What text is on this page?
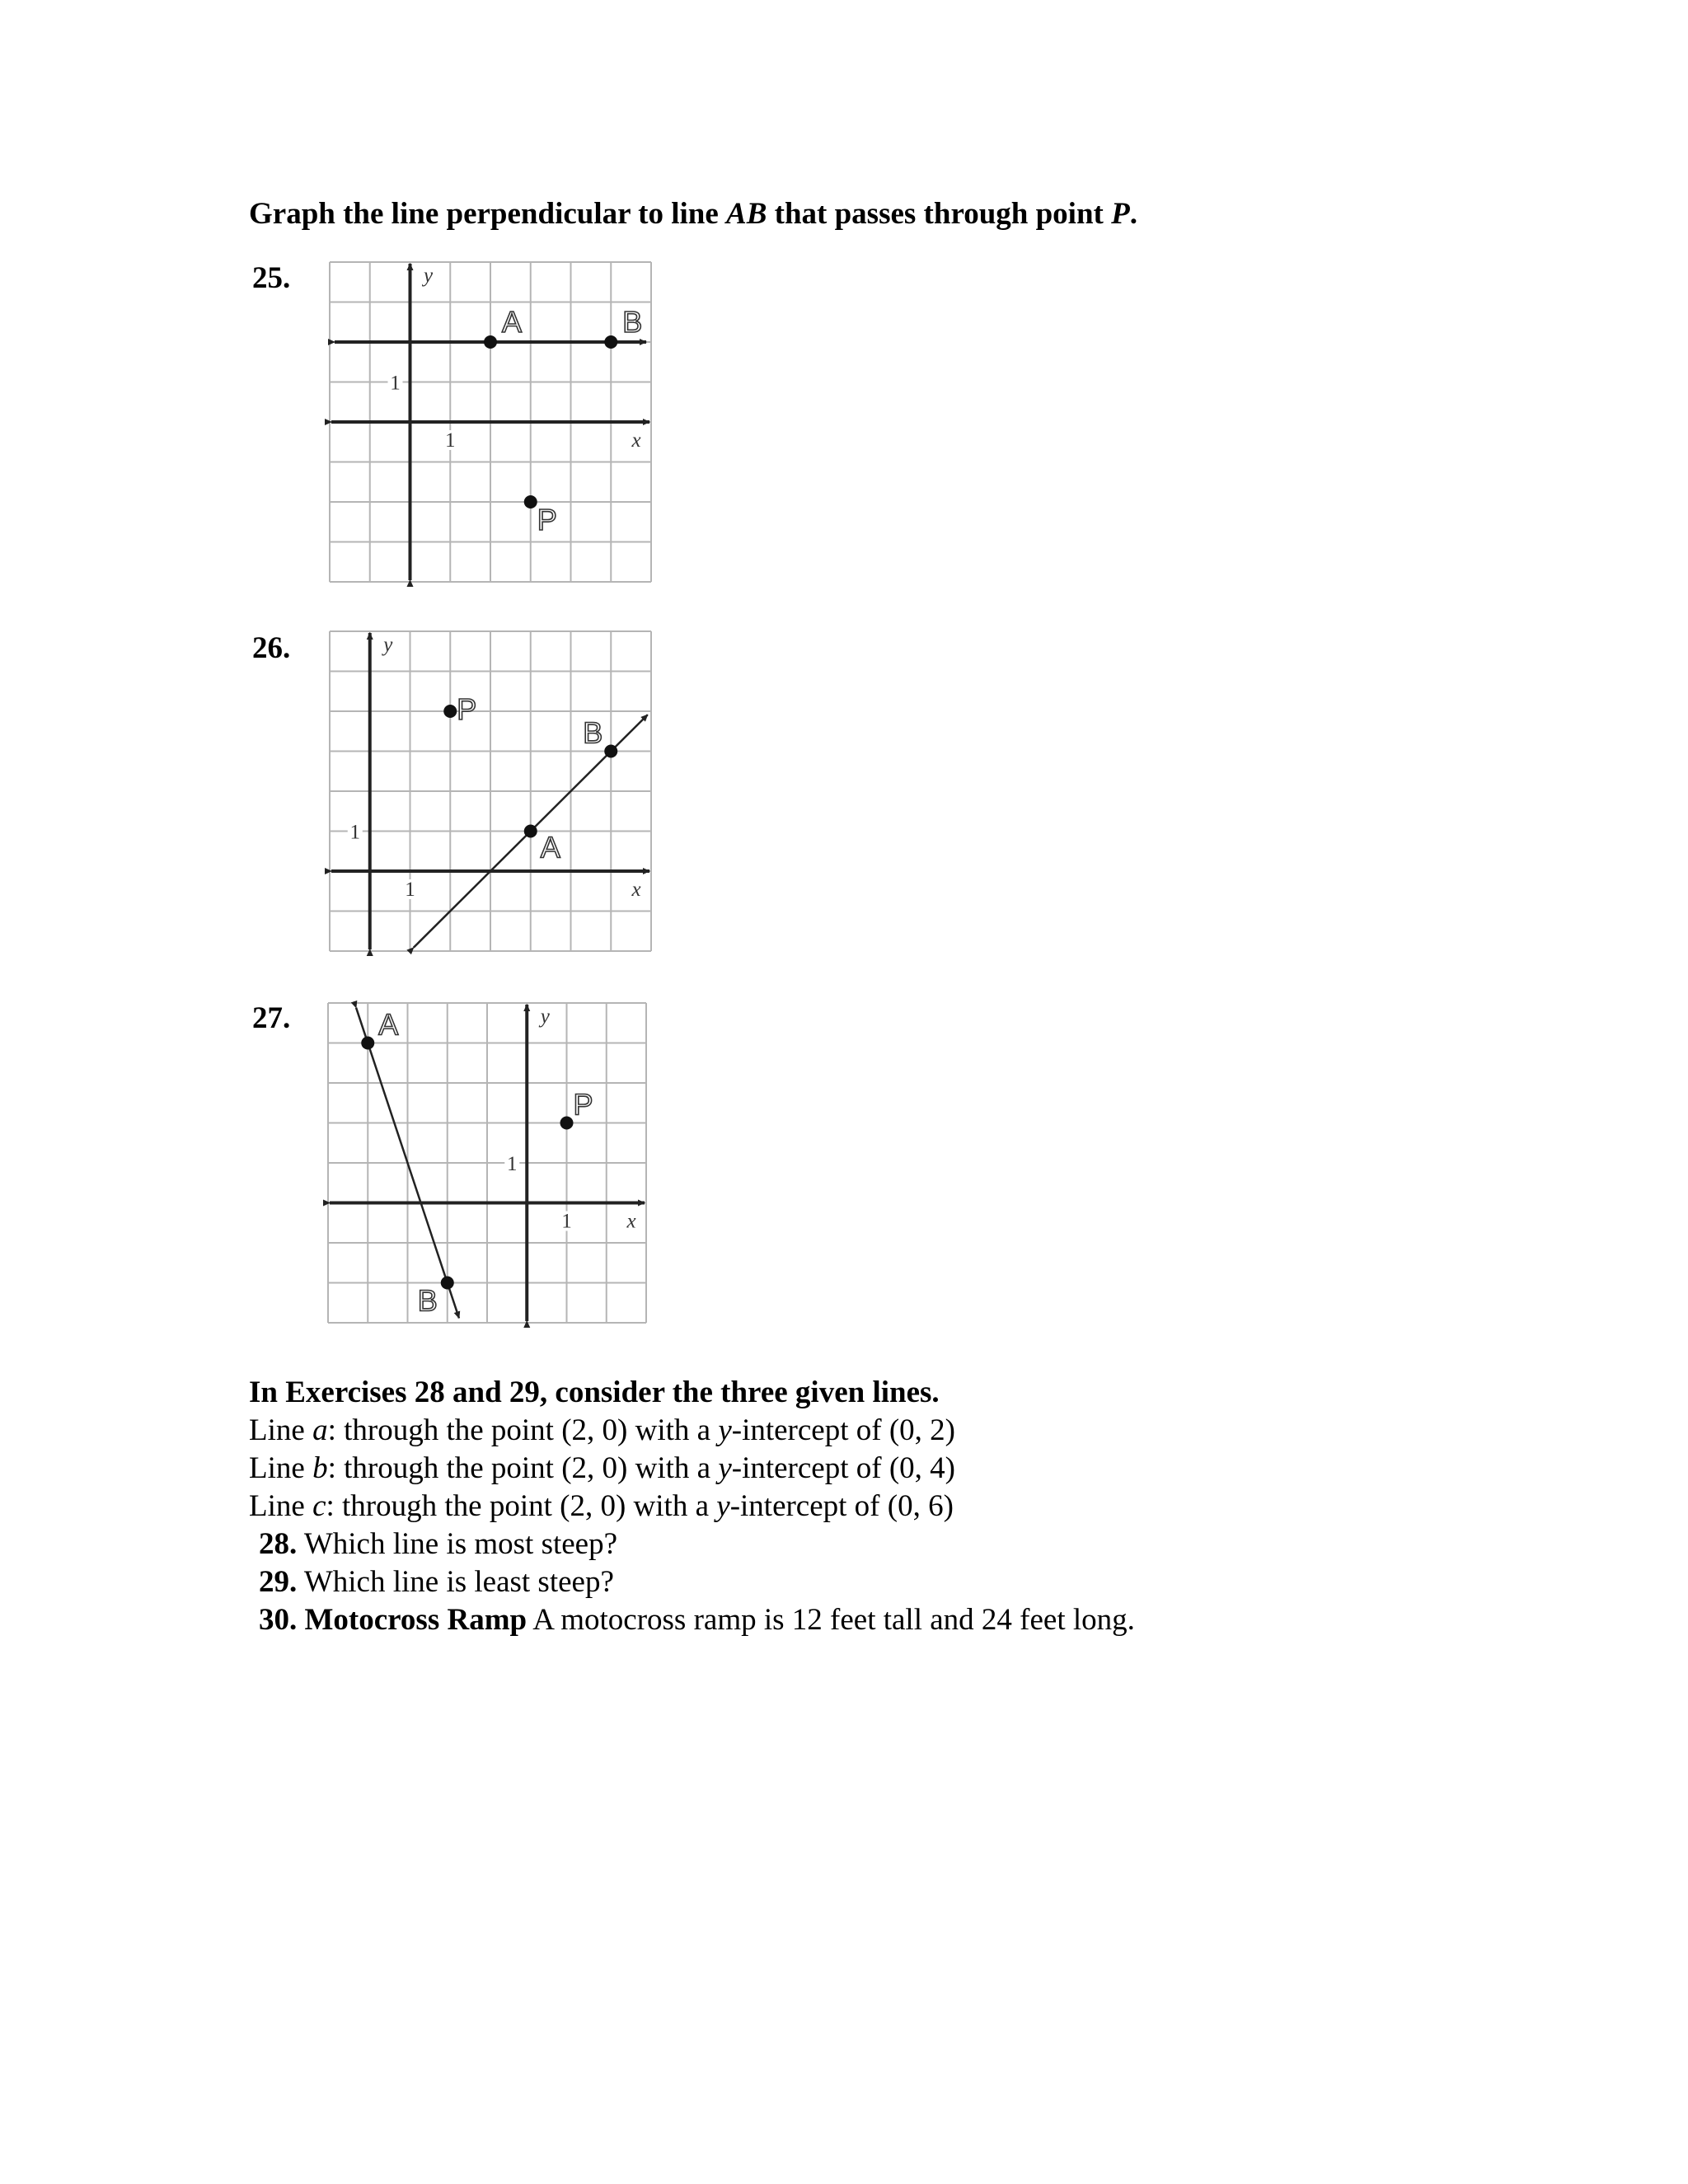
Graph the line perpendicular to line AB that passes through point P.
25.
x
y
1
1
A	B
P
26.
x
y
1
1
P
B
A
27.
x
y
1
1
A
P
B
In Exercises 28 and 29, consider the three given lines.
Line a: through the point (2, 0) with a y-intercept of (0, 2)
Line b: through the point (2, 0) with a y-intercept of (0, 4)
Line c: through the point (2, 0) with a y-intercept of (0, 6)
28. Which line is most steep?
29. Which line is least steep?
30. Motocross Ramp A motocross ramp is 12 feet tall and 24 feet long.
